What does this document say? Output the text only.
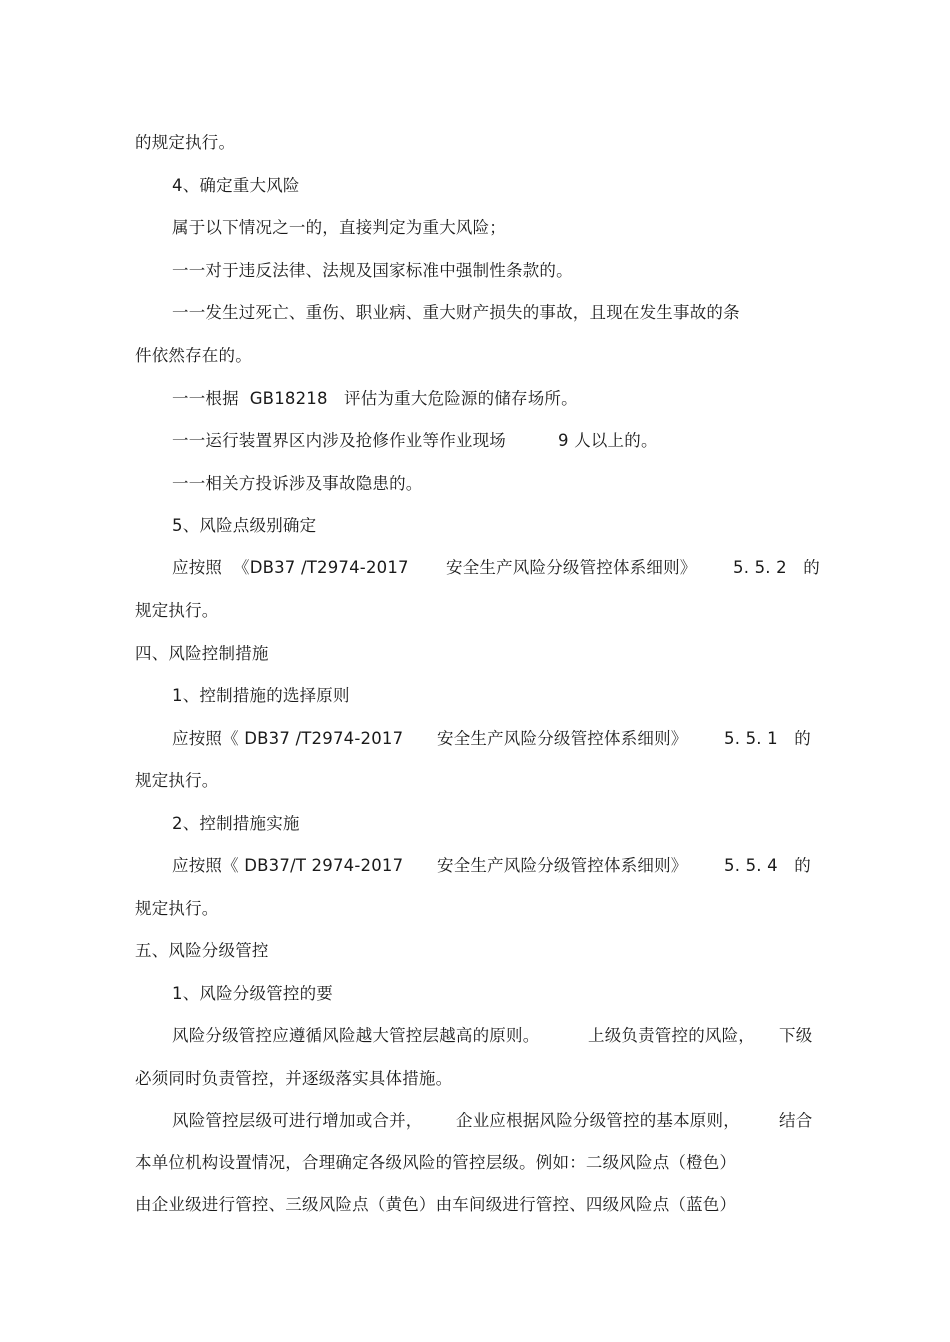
的规定执行。
4、确定重大风险
属于以下情况之一的，直接判定为重大风险；
一一对于违反法律、法规及国家标准中强制性条款的。
一一发生过死亡、重伤、职业病、重大财产损失的事故，且现在发生事故的条
件依然存在的。
一一根据  GB18218   评估为重大危险源的储存场所。
一一运行装置界区内涉及抢修作业等作业现场	9 人以上的。
一一相关方投诉涉及事故隐患的。
5、风险点级别确定
应按照  《DB37 /T2974-2017 安全生产风险分级管控体系细则》 5. 5. 2   的
规定执行。
四、风险控制措施
1、控制措施的选择原则
应按照《 DB37 /T2974-2017 安全生产风险分级管控体系细则》 5. 5. 1   的
规定执行。
2、控制措施实施
应按照《 DB37/T 2974-2017 安全生产风险分级管控体系细则》 5. 5. 4   的
规定执行。
五、风险分级管控
1、风险分级管控的要
风险分级管控应遵循风险越大管控层越高的原则。	上级负责管控的风险， 下级
必须同时负责管控，并逐级落实具体措施。
风险管控层级可进行增加或合并， 企业应根据风险分级管控的基本原则， 结合
本单位机构设置情况，合理确定各级风险的管控层级。例如：二级风险点（橙色）
由企业级进行管控、三级风险点（黄色）由车间级进行管控、四级风险点（蓝色）
